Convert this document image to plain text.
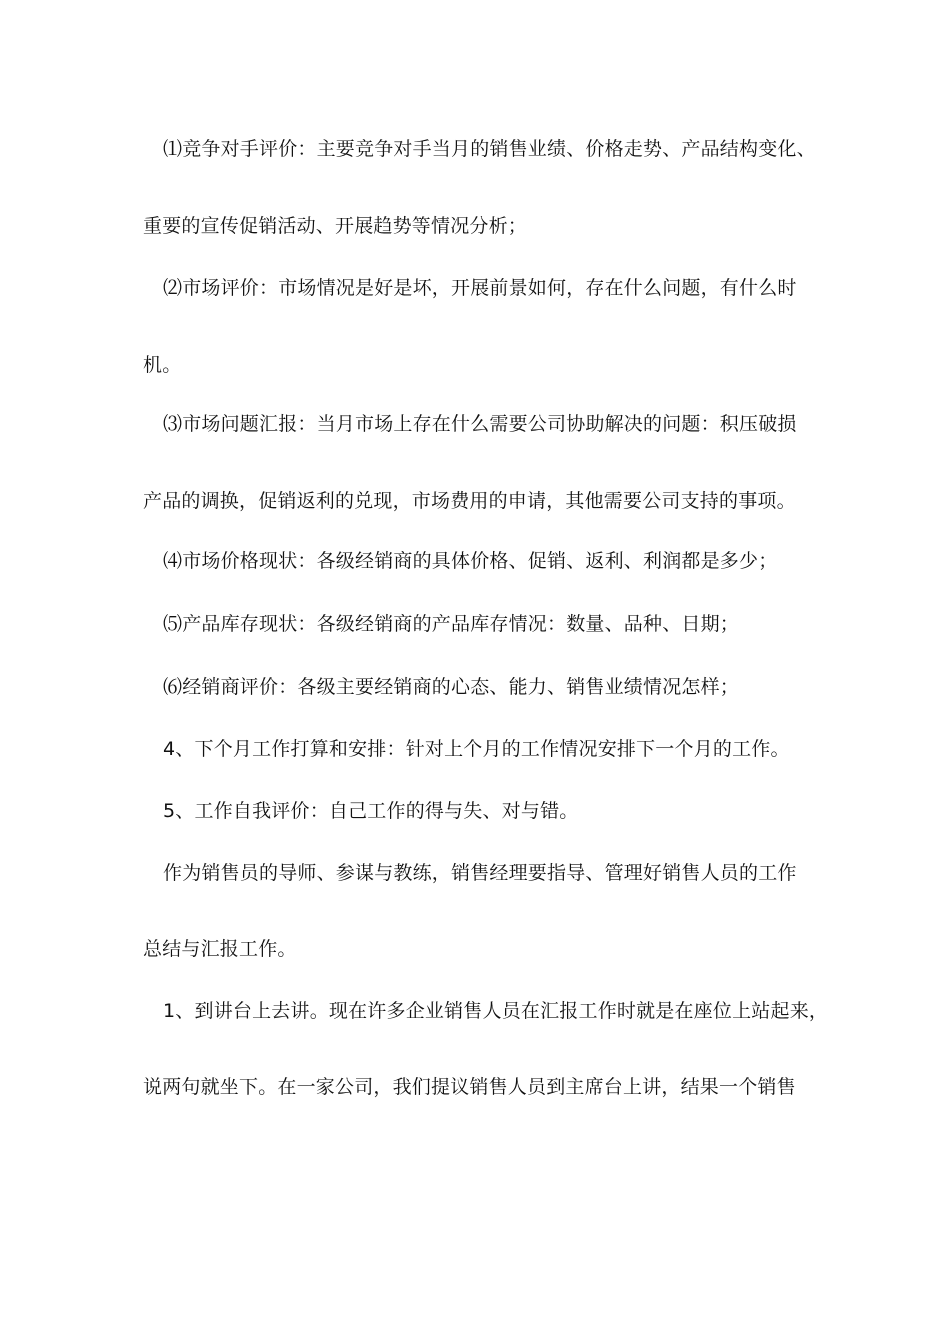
⑴竞争对手评价：主要竞争对手当月的销售业绩、价格走势、产品结构变化、
重要的宣传促销活动、开展趋势等情况分析；
⑵市场评价：市场情况是好是坏，开展前景如何，存在什么问题，有什么时
机。
⑶市场问题汇报：当月市场上存在什么需要公司协助解决的问题：积压破损
产品的调换，促销返利的兑现，市场费用的申请，其他需要公司支持的事项。
⑷市场价格现状：各级经销商的具体价格、促销、返利、利润都是多少；
⑸产品库存现状：各级经销商的产品库存情况：数量、品种、日期；
⑹经销商评价：各级主要经销商的心态、能力、销售业绩情况怎样；
4、下个月工作打算和安排：针对上个月的工作情况安排下一个月的工作。
5、工作自我评价：自己工作的得与失、对与错。
作为销售员的导师、参谋与教练，销售经理要指导、管理好销售人员的工作
总结与汇报工作。
1、到讲台上去讲。现在许多企业销售人员在汇报工作时就是在座位上站起来，
说两句就坐下。在一家公司，我们提议销售人员到主席台上讲，结果一个销售
